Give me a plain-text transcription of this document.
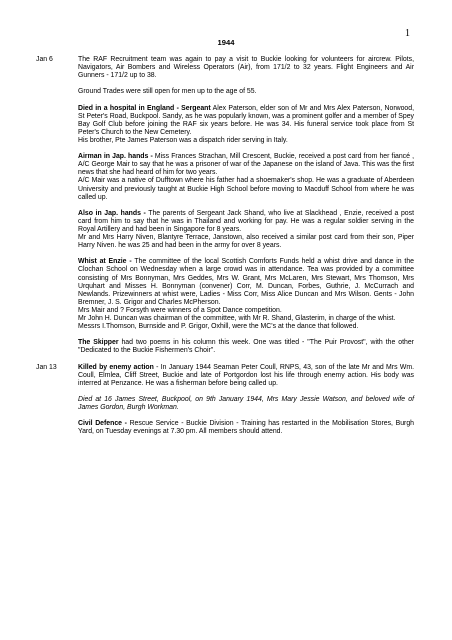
1
1944
Jan 6	The RAF Recruitment team was again to pay a visit to Buckie looking for volunteers for aircrew. Pilots, Navigators, Air Bombers and Wireless Operators (Air), from 171/2 to 32 years. Flight Engineers and Air Gunners - 171/2 up to 38.

Ground Trades were still open for men up to the age of 55.

Died in a hospital in England - Sergeant Alex Paterson, elder son of Mr and Mrs Alex Paterson, Norwood, St Peter's Road, Buckpool. Sandy, as he was popularly known, was a prominent golfer and a member of Spey Bay Golf Club before joining the RAF six years before. He was 34. His funeral service took place from St Peter's Church to the New Cemetery.

His brother, Pte James Paterson was a dispatch rider serving in Italy.

Airman in Jap. hands - Miss Frances Strachan, Mill Crescent, Buckie, received a post card from her fiancé , A/C George Mair to say that he was a prisoner of war of the Japanese on the island of Java. This was the first news that she had heard of him for two years.

A/C Mair was a native of Dufftown where his father had a shoemaker's shop. He was a graduate of Aberdeen University and previously taught at Buckie High School before moving to Macduff School from where he was called up.

Also in Jap. hands - The parents of Sergeant Jack Shand, who live at Slackhead , Enzie, received a post card from him to say that he was in Thailand and working for pay. He was a regular soldier serving in the Royal Artillery and had been in Singapore for 8 years.

Mr and Mrs Harry Niven, Blantyre Terrace, Janstown, also received a similar post card from their son, Piper Harry Niven. he was 25 and had been in the army for over 8 years.

Whist at Enzie - The committee of the local Scottish Comforts Funds held a whist drive and dance in the Clochan School on Wednesday when a large crowd was in attendance. Tea was provided by a committee consisting of Mrs Bonnyman, Mrs Geddes, Mrs W. Grant, Mrs McLaren, Mrs Stewart, Mrs Thomson, Mrs Urquhart and Misses H. Bonnyman (convener) Corr, M. Duncan, Forbes, Guthrie, J. McCurrach and Newlands. Prizewinners at whist were, Ladies - Miss Corr, Miss Alice Duncan and Mrs Wilson. Gents - John Bremner, J. S. Grigor and Charles McPherson.

Mrs Mair and ? Forsyth were winners of a Spot Dance competition.

Mr John H. Duncan was chairman of the committee, with Mr R. Shand, Glasterim, in charge of the whist.

Messrs I.Thomson, Burnside and P. Grigor, Oxhill, were the MC's at the dance that followed.

The Skipper had two poems in his column this week. One was titled - "The Puir Provost", with the other "Dedicated to the Buckie Fishermen's Choir".

Jan 13	Killed by enemy action - In January 1944 Seaman Peter Coull, RNPS, 43, son of the late Mr and Mrs Wm. Coull, Elmlea, Cliff Street, Buckie and late of Portgordon lost his life through enemy action. His body was interred at Penzance. He was a fisherman before being called up.

Died at 16 James Street, Buckpool, on 9th January 1944, Mrs Mary Jessie Watson, and beloved wife of James Gordon, Burgh Workman.

Civil Defence - Rescue Service - Buckie Division - Training has restarted in the Mobilisation Stores, Burgh Yard, on Tuesday evenings at 7.30 pm. All members should attend.
